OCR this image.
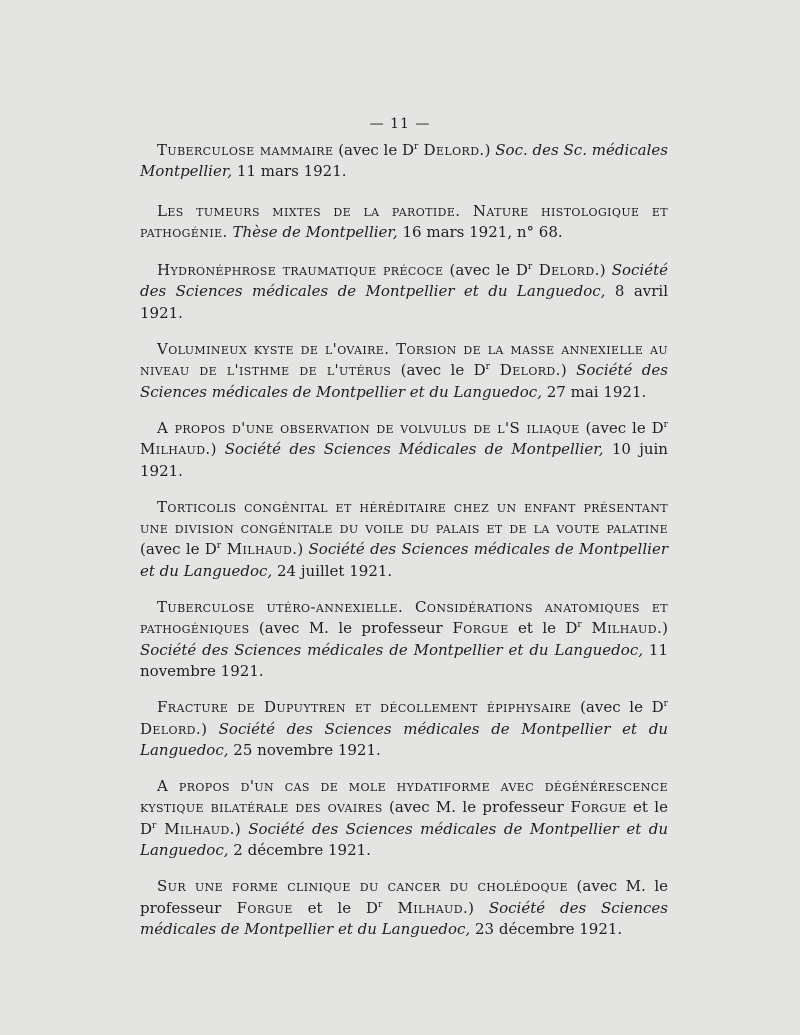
— 11 —

Tuberculose mammaire (avec le $D^r$ Delord.) Soc. des Sc. médicales Montpellier, 11 mars 1921.

Les tumeurs mixtes de la parotide. Nature histologique et pathogénie. Thèse de Montpellier, 16 mars 1921, n° 68.

Hydronéphrose traumatique précoce (avec le $D^r$ Delord.) Société des Sciences médicales de Montpellier et du Languedoc, 8 avril 1921.

Volumineux kyste de l'ovaire. Torsion de la masse annexielle au niveau de l'isthme de l'utérus (avec le $D^r$ Delord.) Société des Sciences médicales de Montpellier et du Languedoc, 27 mai 1921.

A propos d'une observation de volvulus de l'S iliaque (avec le $D^r$ Milhaud.) Société des Sciences Médicales de Montpellier, 10 juin 1921.

Torticolis congénital et héréditaire chez un enfant présentant une division congénitale du voile du palais et de la voute palatine (avec le $D^r$ Milhaud.) Société des Sciences médicales de Montpellier et du Languedoc, 24 juillet 1921.

Tuberculose utéro-annexielle. Considérations anatomiques et pathogéniques (avec M. le professeur Forgue et le $D^r$ Milhaud.) Société des Sciences médicales de Montpellier et du Languedoc, 11 novembre 1921.

Fracture de Dupuytren et décollement épiphysaire (avec le $D^r$ Delord.) Société des Sciences médicales de Montpellier et du Languedoc, 25 novembre 1921.

A propos d'un cas de mole hydatiforme avec dégénérescence kystique bilatérale des ovaires (avec M. le professeur Forgue et le $D^r$ Milhaud.) Société des Sciences médicales de Montpellier et du Languedoc, 2 décembre 1921.

Sur une forme clinique du cancer du cholédoque (avec M. le professeur Forgue et le $D^r$ Milhaud.) Société des Sciences médicales de Montpellier et du Languedoc, 23 décembre 1921.
